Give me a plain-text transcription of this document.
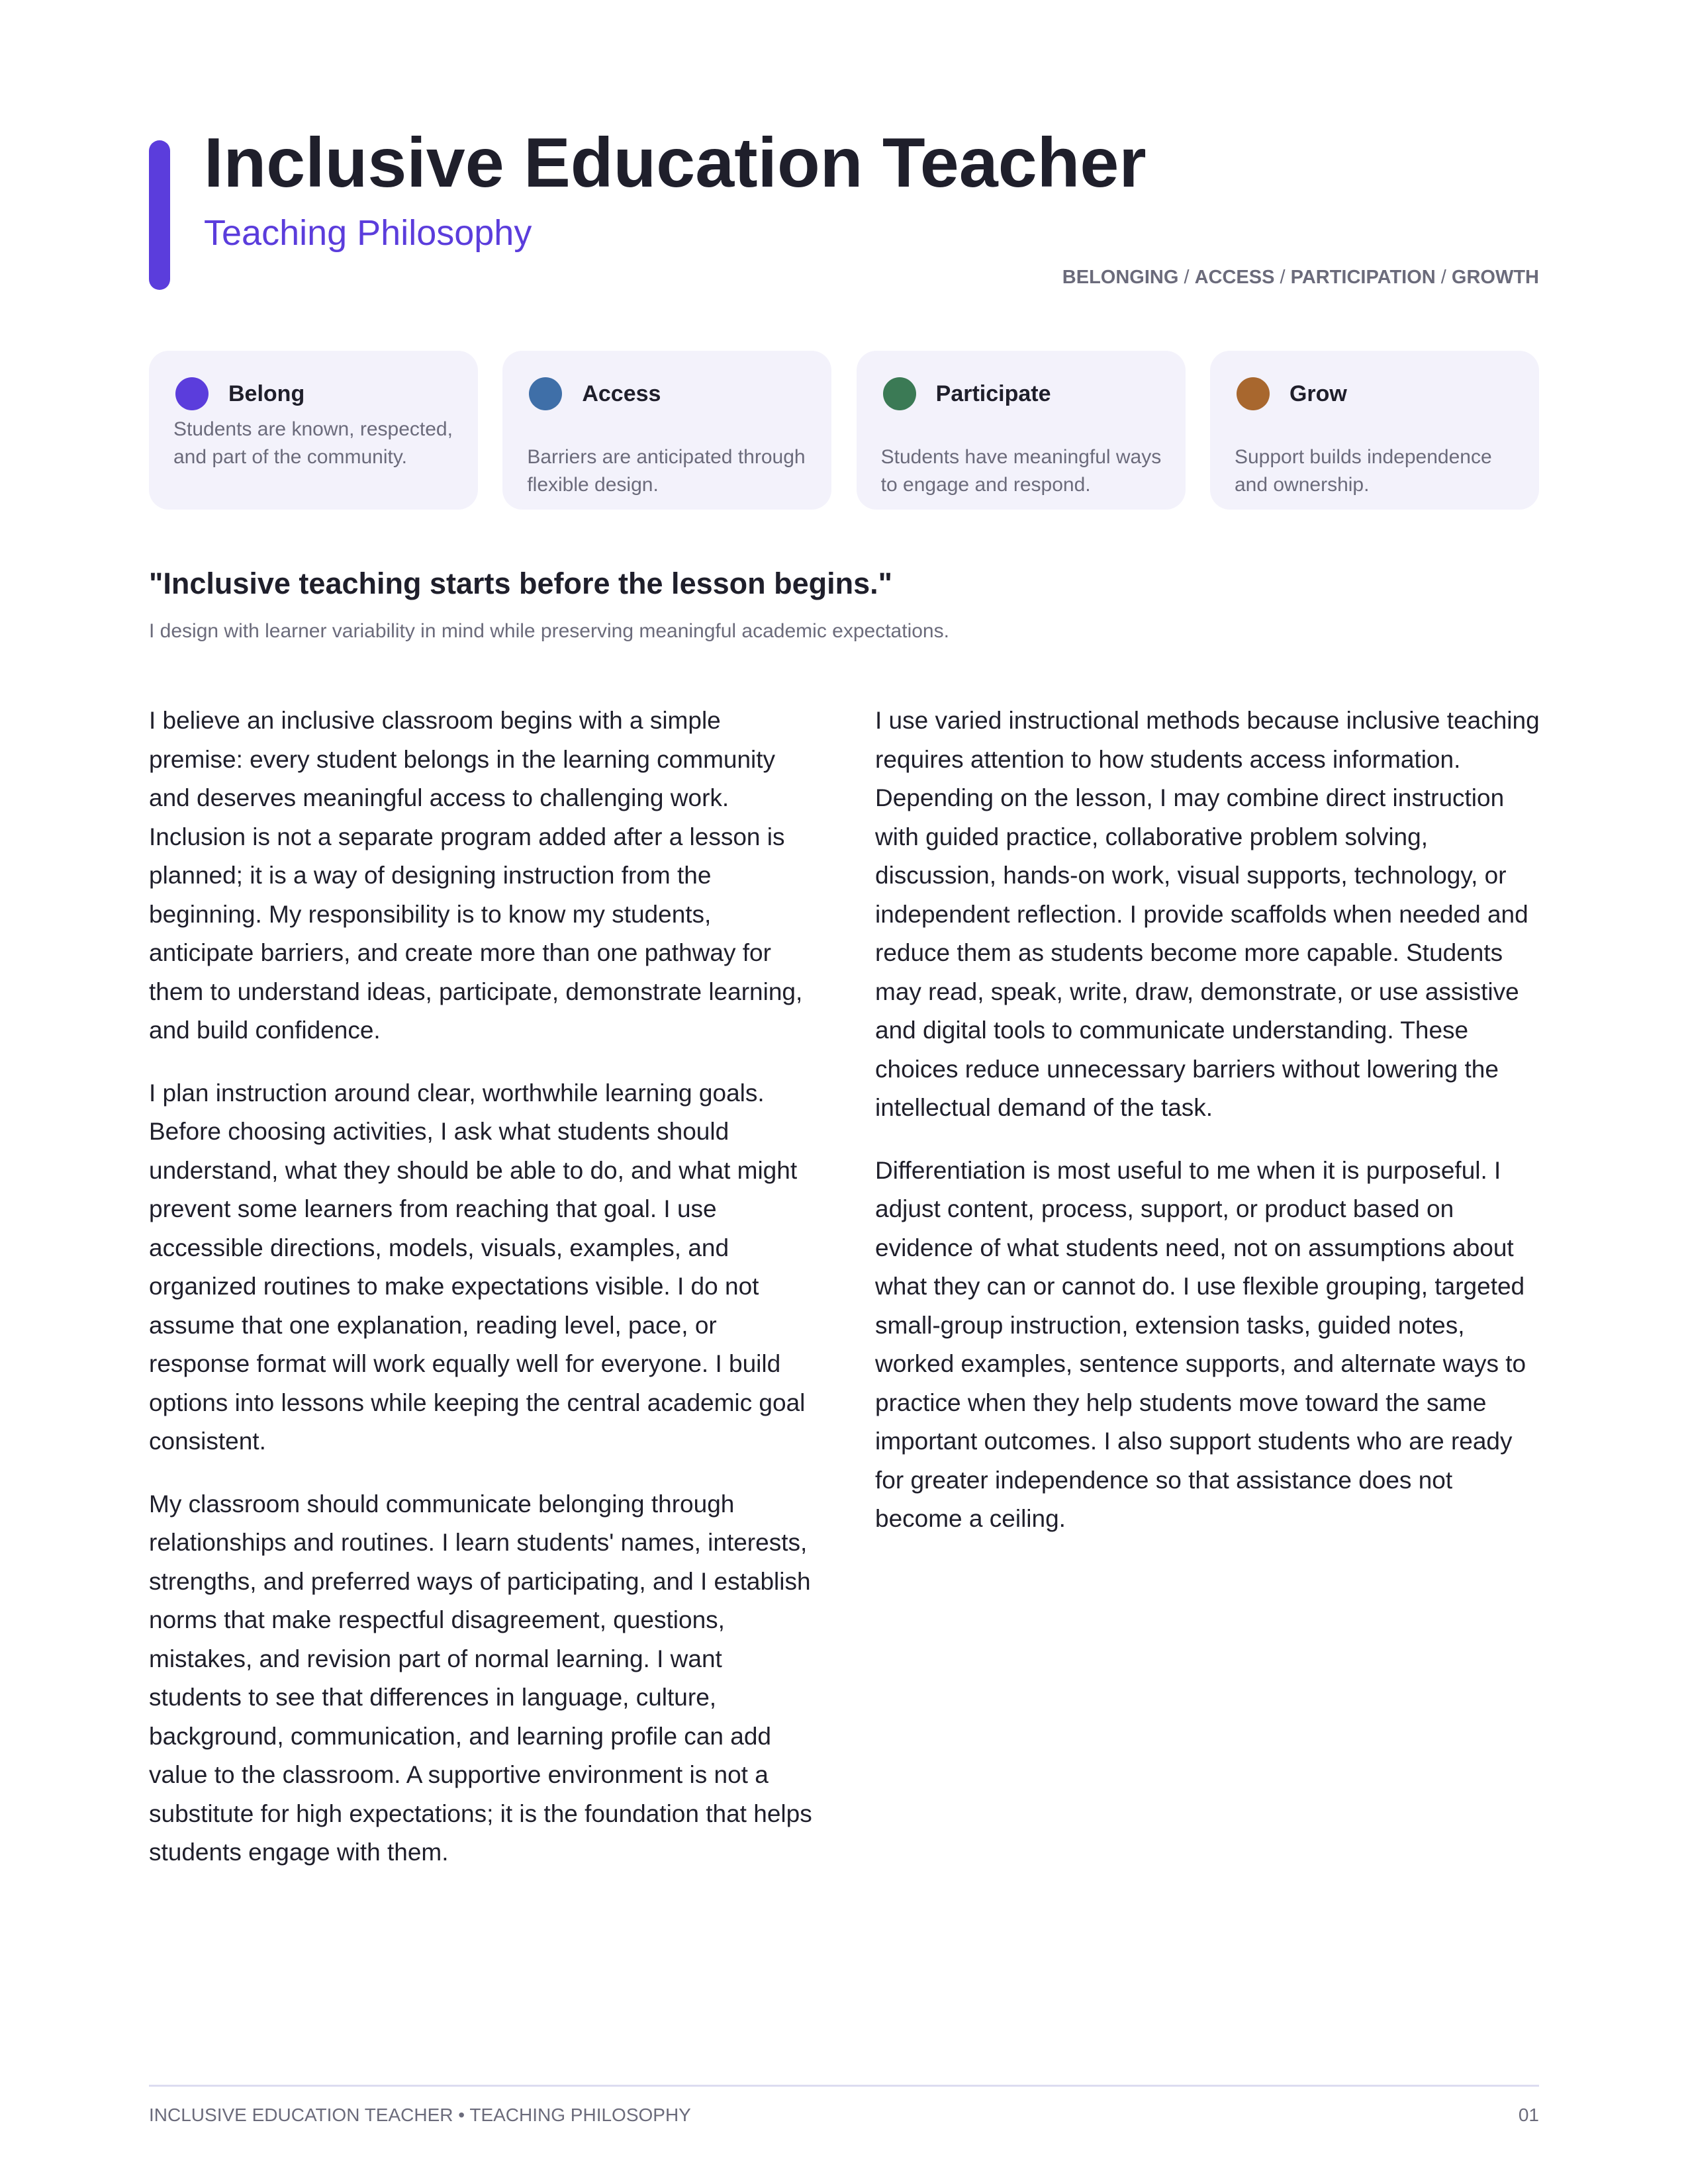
Inclusive Education Teacher
Teaching Philosophy
BELONGING / ACCESS / PARTICIPATION / GROWTH
Belong
Students are known, respected, and part of the community.
Access
Barriers are anticipated through flexible design.
Participate
Students have meaningful ways to engage and respond.
Grow
Support builds independence and ownership.
"Inclusive teaching starts before the lesson begins."
I design with learner variability in mind while preserving meaningful academic expectations.

I believe an inclusive classroom begins with a simple premise: every student belongs in the learning community and deserves meaningful access to challenging work. Inclusion is not a separate program added after a lesson is planned; it is a way of designing instruction from the beginning. My responsibility is to know my students, anticipate barriers, and create more than one pathway for them to understand ideas, participate, demonstrate learning, and build confidence.

I plan instruction around clear, worthwhile learning goals. Before choosing activities, I ask what students should understand, what they should be able to do, and what might prevent some learners from reaching that goal. I use accessible directions, models, visuals, examples, and organized routines to make expectations visible. I do not assume that one explanation, reading level, pace, or response format will work equally well for everyone. I build options into lessons while keeping the central academic goal consistent.

My classroom should communicate belonging through relationships and routines. I learn students' names, interests, strengths, and preferred ways of participating, and I establish norms that make respectful disagreement, questions, mistakes, and revision part of normal learning. I want students to see that differences in language, culture, background, communication, and learning profile can add value to the classroom. A supportive environment is not a substitute for high expectations; it is the foundation that helps students engage with them.

I use varied instructional methods because inclusive teaching requires attention to how students access information. Depending on the lesson, I may combine direct instruction with guided practice, collaborative problem solving, discussion, hands-on work, visual supports, technology, or independent reflection. I provide scaffolds when needed and reduce them as students become more capable. Students may read, speak, write, draw, demonstrate, or use assistive and digital tools to communicate understanding. These choices reduce unnecessary barriers without lowering the intellectual demand of the task.

Differentiation is most useful to me when it is purposeful. I adjust content, process, support, or product based on evidence of what students need, not on assumptions about what they can or cannot do. I use flexible grouping, targeted small-group instruction, extension tasks, guided notes, worked examples, sentence supports, and alternate ways to practice when they help students move toward the same important outcomes. I also support students who are ready for greater independence so that assistance does not become a ceiling.

INCLUSIVE EDUCATION TEACHER • TEACHING PHILOSOPHY	01
